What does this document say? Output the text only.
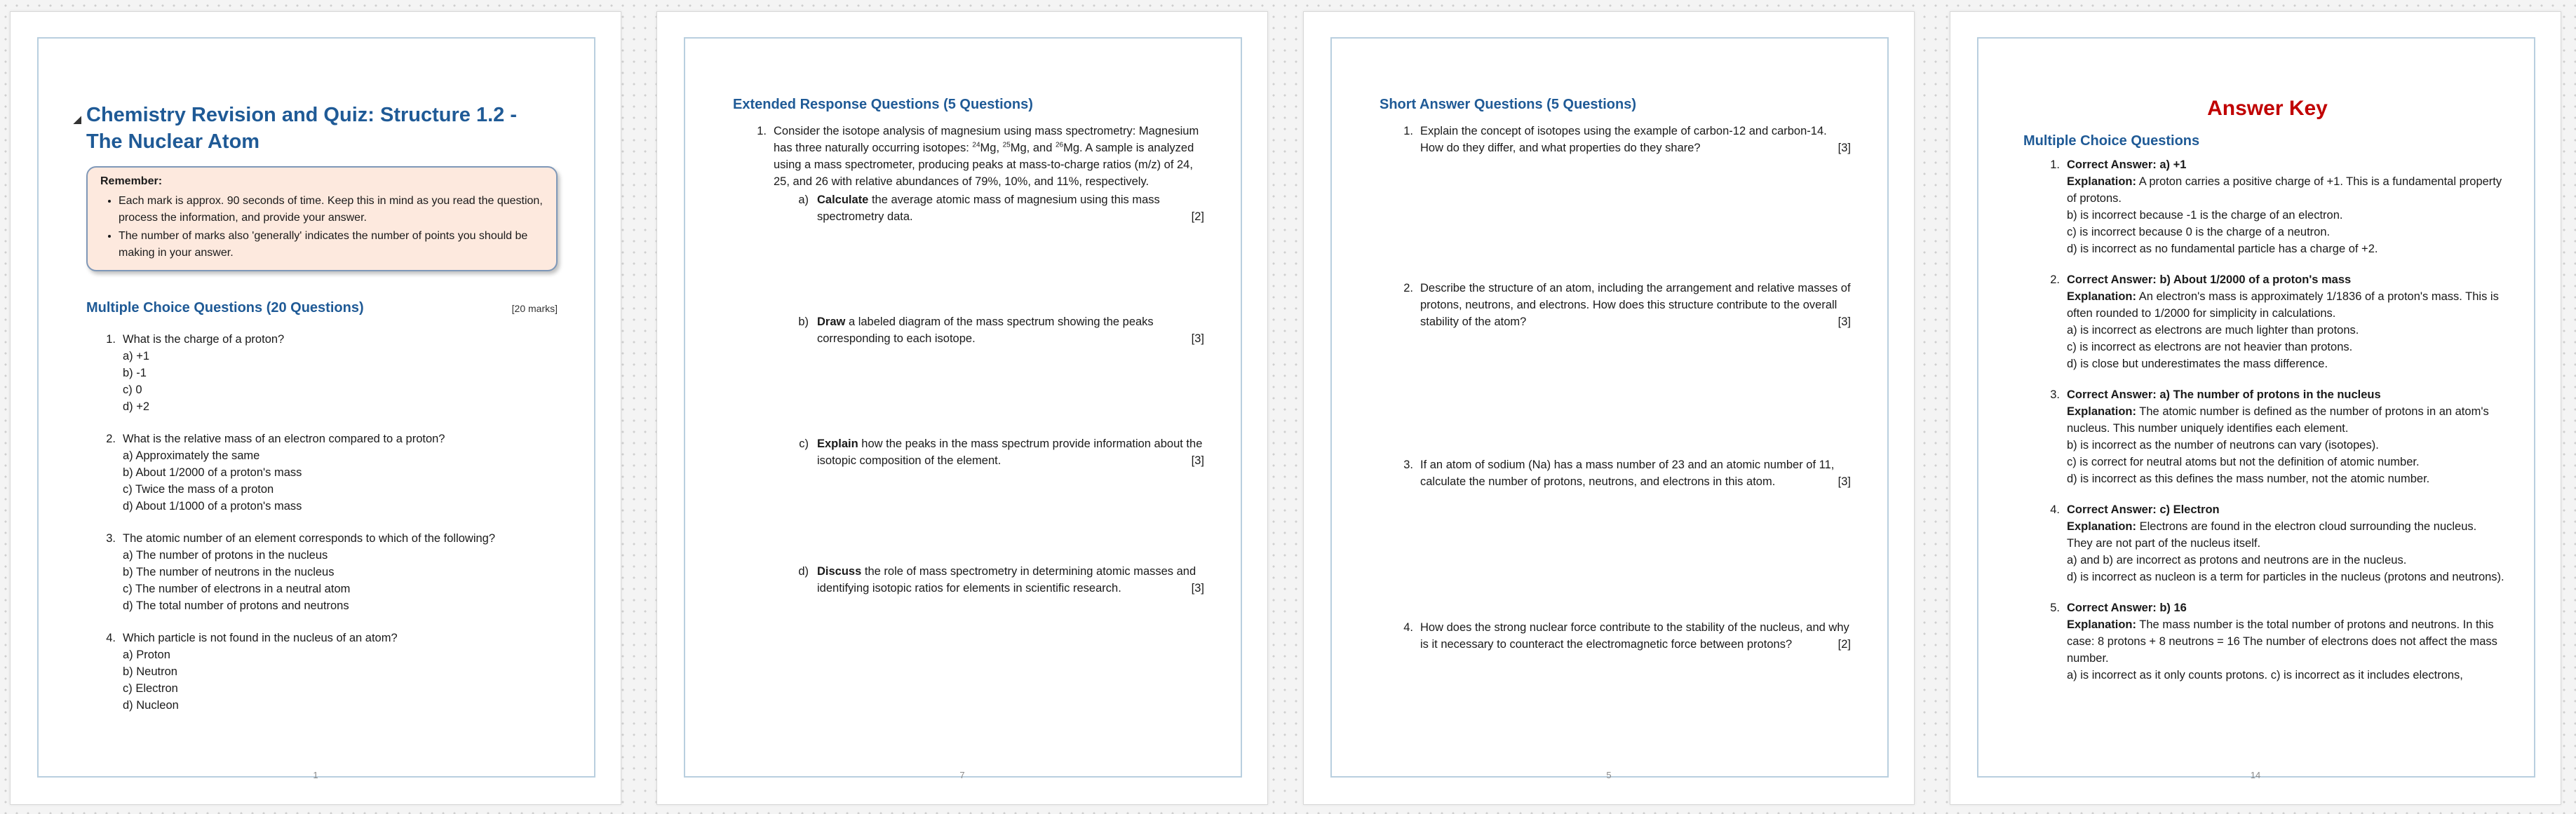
◢ Chemistry Revision and Quiz: Structure 1.2 - The Nuclear Atom
Remember:
• Each mark is approx. 90 seconds of time. Keep this in mind as you read the question, process the information, and provide your answer.
• The number of marks also 'generally' indicates the number of points you should be making in your answer.
Multiple Choice Questions (20 Questions)	[20 marks]
1. What is the charge of a proton?
a) +1
b) -1
c) 0
d) +2
2. What is the relative mass of an electron compared to a proton?
a) Approximately the same
b) About 1/2000 of a proton's mass
c) Twice the mass of a proton
d) About 1/1000 of a proton's mass
3. The atomic number of an element corresponds to which of the following?
a) The number of protons in the nucleus
b) The number of neutrons in the nucleus
c) The number of electrons in a neutral atom
d) The total number of protons and neutrons
4. Which particle is not found in the nucleus of an atom?
a) Proton
b) Neutron
c) Electron
d) Nucleon
1
Extended Response Questions (5 Questions)
1. Consider the isotope analysis of magnesium using mass spectrometry: Magnesium has three naturally occurring isotopes: $^{24}$Mg, $^{25}$Mg, and $^{26}$Mg. A sample is analyzed using a mass spectrometer, producing peaks at mass-to-charge ratios (m/z) of 24, 25, and 26 with relative abundances of 79%, 10%, and 11%, respectively.
a) Calculate the average atomic mass of magnesium using this mass spectrometry data.	[2]
b) Draw a labeled diagram of the mass spectrum showing the peaks corresponding to each isotope.	[3]
c) Explain how the peaks in the mass spectrum provide information about the isotopic composition of the element.	[3]
d) Discuss the role of mass spectrometry in determining atomic masses and identifying isotopic ratios for elements in scientific research.	[3]
7
Short Answer Questions (5 Questions)
1. Explain the concept of isotopes using the example of carbon-12 and carbon-14. How do they differ, and what properties do they share?	[3]
2. Describe the structure of an atom, including the arrangement and relative masses of protons, neutrons, and electrons. How does this structure contribute to the overall stability of the atom?	[3]
3. If an atom of sodium (Na) has a mass number of 23 and an atomic number of 11, calculate the number of protons, neutrons, and electrons in this atom.	[3]
4. How does the strong nuclear force contribute to the stability of the nucleus, and why is it necessary to counteract the electromagnetic force between protons?	[2]
5
Answer Key
Multiple Choice Questions
1. Correct Answer: a) +1
Explanation: A proton carries a positive charge of +1. This is a fundamental property of protons.
b) is incorrect because -1 is the charge of an electron.
c) is incorrect because 0 is the charge of a neutron.
d) is incorrect as no fundamental particle has a charge of +2.
2. Correct Answer: b) About 1/2000 of a proton's mass
Explanation: An electron's mass is approximately 1/1836 of a proton's mass. This is often rounded to 1/2000 for simplicity in calculations.
a) is incorrect as electrons are much lighter than protons.
c) is incorrect as electrons are not heavier than protons.
d) is close but underestimates the mass difference.
3. Correct Answer: a) The number of protons in the nucleus
Explanation: The atomic number is defined as the number of protons in an atom's nucleus. This number uniquely identifies each element.
b) is incorrect as the number of neutrons can vary (isotopes).
c) is correct for neutral atoms but not the definition of atomic number.
d) is incorrect as this defines the mass number, not the atomic number.
4. Correct Answer: c) Electron
Explanation: Electrons are found in the electron cloud surrounding the nucleus. They are not part of the nucleus itself.
a) and b) are incorrect as protons and neutrons are in the nucleus.
d) is incorrect as nucleon is a term for particles in the nucleus (protons and neutrons).
5. Correct Answer: b) 16
Explanation: The mass number is the total number of protons and neutrons. In this case: 8 protons + 8 neutrons = 16 The number of electrons does not affect the mass number.
a) is incorrect as it only counts protons. c) is incorrect as it includes electrons,
14
